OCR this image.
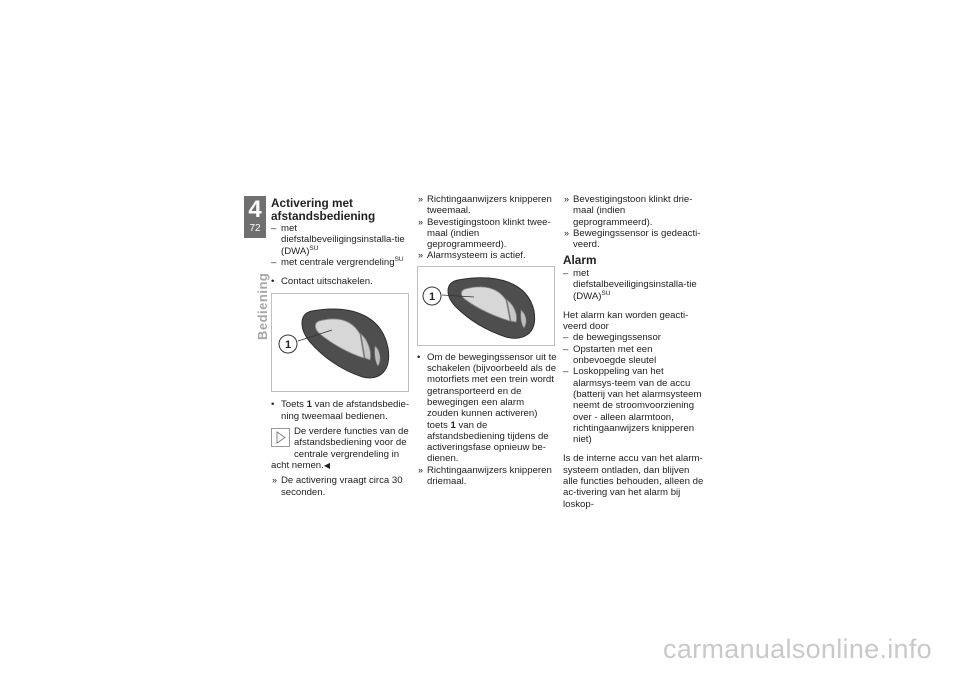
4
72
Bediening
Activering met afstandsbediening
– met diefstalbeveiligingsinstalla-tie (DWA)$^{SU}$
– met centrale vergrendeling$^{SU}$
• Contact uitschakelen.
1
• Toets 1 van de afstandsbedie-ning tweemaal bedienen.
De verdere functies van de afstandsbediening voor de centrale vergrendeling in acht nemen.◀
» De activering vraagt circa 30 seconden.
» Richtingaanwijzers knipperen tweemaal.
» Bevestigingstoon klinkt twee-maal (indien geprogrammeerd).
» Alarmsysteem is actief.
1
• Om de bewegingssensor uit te schakelen (bijvoorbeeld als de motorfiets met een trein wordt getransporteerd en de bewegingen een alarm zouden kunnen activeren) toets 1 van de afstandsbediening tijdens de activeringsfase opnieuw be-dienen.
» Richtingaanwijzers knipperen driemaal.
» Bevestigingstoon klinkt drie-maal (indien geprogrammeerd).
» Bewegingssensor is gedeacti-veerd.
Alarm
– met diefstalbeveiligingsinstalla-tie (DWA)$^{SU}$

Het alarm kan worden geacti-veerd door

– de bewegingssensor
– Opstarten met een onbevoegde sleutel
– Loskoppeling van het alarmsys-teem van de accu (batterij van het alarmsysteem neemt de stroomvoorziening over - alleen alarmtoon, richtingaanwijzers knipperen niet)

Is de interne accu van het alarm-systeem ontladen, dan blijven alle functies behouden, alleen de ac-tivering van het alarm bij loskop-

carmanualsonline.info
